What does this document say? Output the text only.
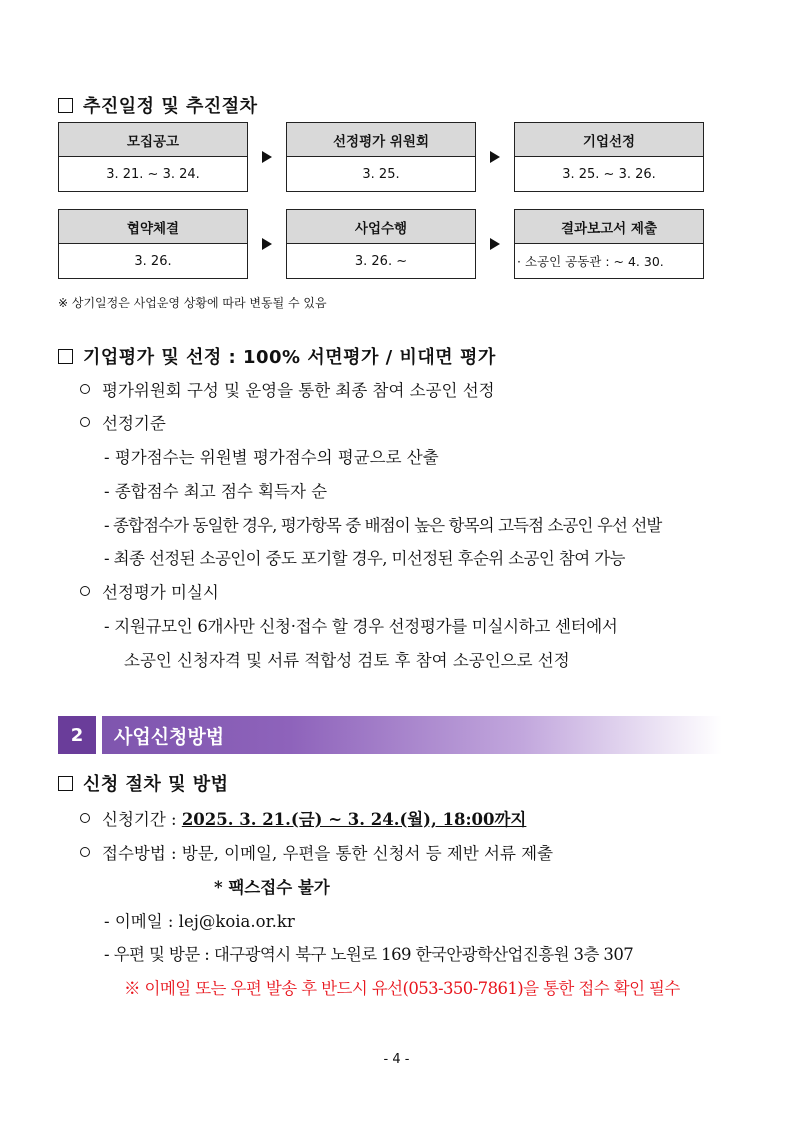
추진일정 및 추진절차
모집공고
3. 21. ~ 3. 24.
선정평가 위원회
3. 25.
기업선정
3. 25. ~ 3. 26.
협약체결
3. 26.
사업수행
3. 26. ~
결과보고서 제출
· 소공인 공동관 : ~ 4. 30.
※ 상기일정은 사업운영 상황에 따라 변동될 수 있음
기업평가 및 선정 : 100% 서면평가 / 비대면 평가
평가위원회 구성 및 운영을 통한 최종 참여 소공인 선정
선정기준
- 평가점수는 위원별 평가점수의 평균으로 산출
- 종합점수 최고 점수 획득자 순
- 종합점수가 동일한 경우, 평가항목 중 배점이 높은 항목의 고득점 소공인 우선 선발
- 최종 선정된 소공인이 중도 포기할 경우, 미선정된 후순위 소공인 참여 가능
선정평가 미실시
- 지원규모인 6개사만 신청·접수 할 경우 선정평가를 미실시하고 센터에서
소공인 신청자격 및 서류 적합성 검토 후 참여 소공인으로 선정
2	사업신청방법
신청 절차 및 방법
신청기간 : 2025. 3. 21.(금) ~ 3. 24.(월), 18:00까지
접수방법 : 방문, 이메일, 우편을 통한 신청서 등 제반 서류 제출
* 팩스접수 불가
- 이메일 : lej@koia.or.kr
- 우편 및 방문 : 대구광역시 북구 노원로 169 한국안광학산업진흥원 3층 307
※ 이메일 또는 우편 발송 후 반드시 유선(053-350-7861)을 통한 접수 확인 필수
- 4 -
